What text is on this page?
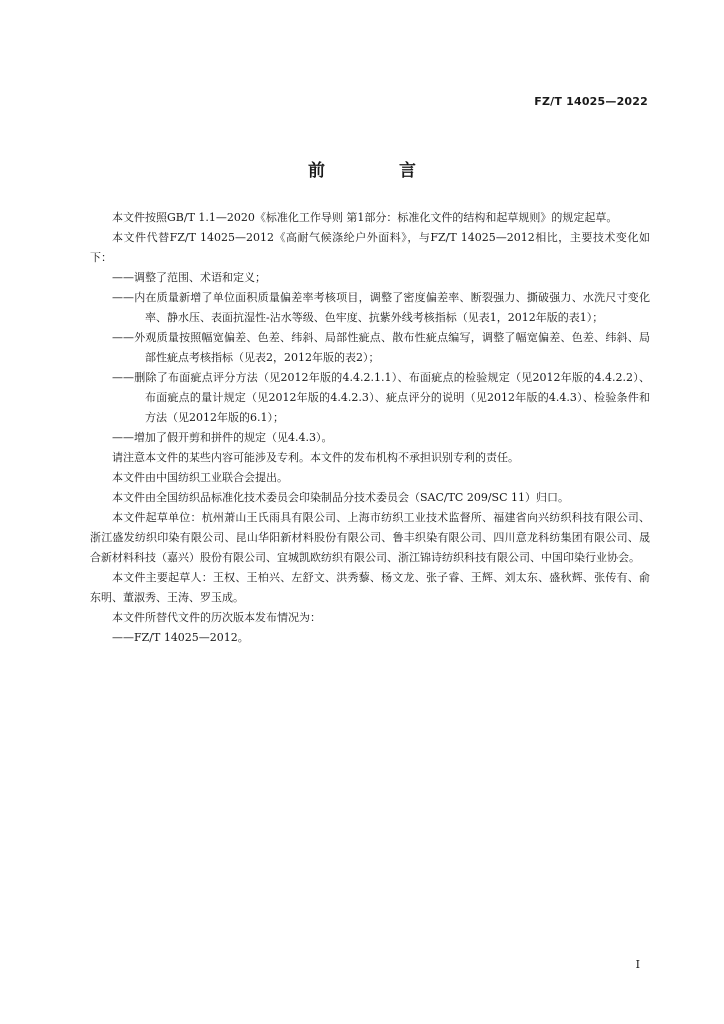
FZ/T 14025—2022
前 言

本文件按照GB/T 1.1—2020《标准化工作导则 第1部分：标准化文件的结构和起草规则》的规定起草。

本文件代替FZ/T 14025—2012《高耐气候涤纶户外面料》，与FZ/T 14025—2012相比，主要技术变化如下：

——调整了范围、术语和定义；

——内在质量新增了单位面积质量偏差率考核项目，调整了密度偏差率、断裂强力、撕破强力、水洗尺寸变化率、静水压、表面抗湿性-沾水等级、色牢度、抗紫外线考核指标（见表1，2012年版的表1）；

——外观质量按照幅宽偏差、色差、纬斜、局部性疵点、散布性疵点编写，调整了幅宽偏差、色差、纬斜、局部性疵点考核指标（见表2，2012年版的表2）；

——删除了布面疵点评分方法（见2012年版的4.4.2.1.1）、布面疵点的检验规定（见2012年版的4.4.2.2）、布面疵点的量计规定（见2012年版的4.4.2.3）、疵点评分的说明（见2012年版的4.4.3）、检验条件和方法（见2012年版的6.1）；

——增加了假开剪和拼件的规定（见4.4.3）。

请注意本文件的某些内容可能涉及专利。本文件的发布机构不承担识别专利的责任。

本文件由中国纺织工业联合会提出。

本文件由全国纺织品标准化技术委员会印染制品分技术委员会（SAC/TC 209/SC 11）归口。

本文件起草单位：杭州萧山王氏雨具有限公司、上海市纺织工业技术监督所、福建省向兴纺织科技有限公司、浙江盛发纺织印染有限公司、昆山华阳新材料股份有限公司、鲁丰织染有限公司、四川意龙科纺集团有限公司、晟合新材料科技（嘉兴）股份有限公司、宜城凯欧纺织有限公司、浙江锦诗纺织科技有限公司、中国印染行业协会。

本文件主要起草人：王权、王柏兴、左舒文、洪秀藜、杨文龙、张子睿、王辉、刘太东、盛秋辉、张传有、俞东明、董淑秀、王涛、罗玉成。

本文件所替代文件的历次版本发布情况为：

——FZ/T 14025—2012。

I
